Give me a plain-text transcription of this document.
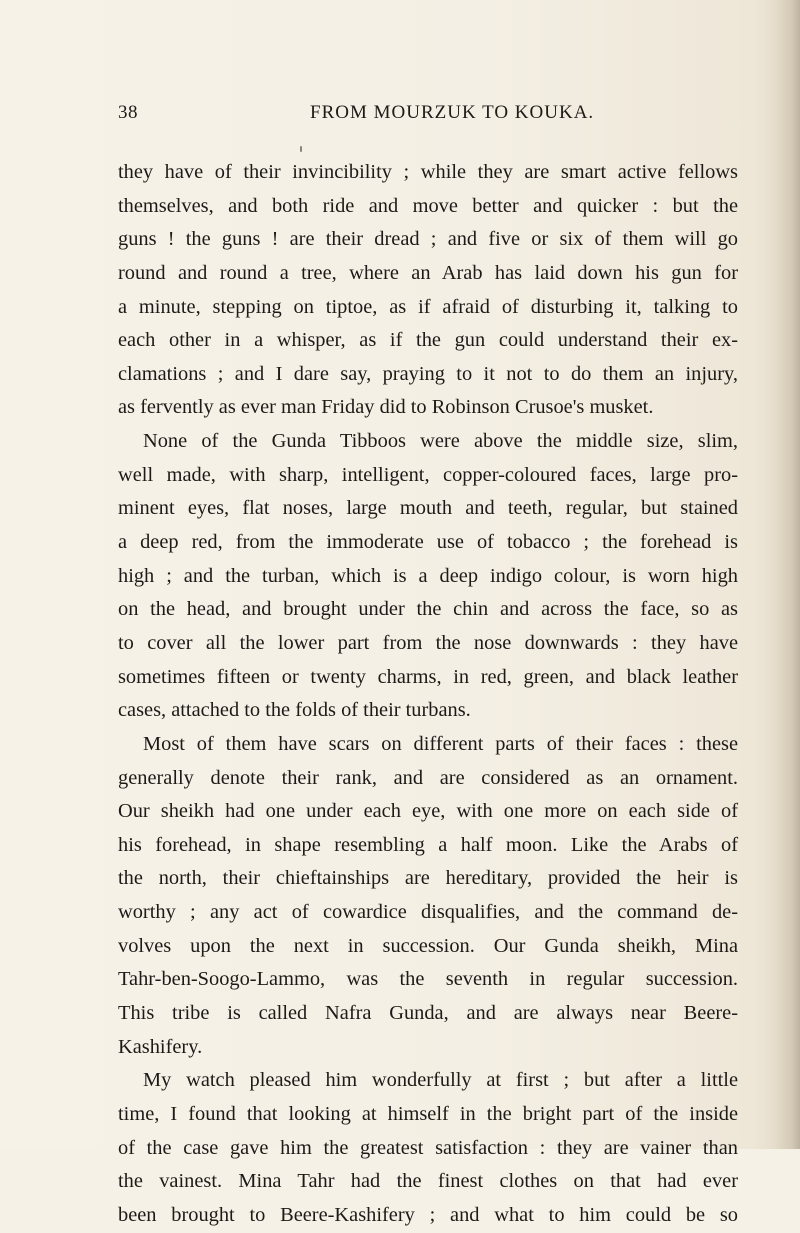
38	FROM MOURZUK TO KOUKA.
they have of their invincibility ; while they are smart active fellows
themselves, and both ride and move better and quicker : but the
guns ! the guns ! are their dread ; and five or six of them will go
round and round a tree, where an Arab has laid down his gun for
a minute, stepping on tiptoe, as if afraid of disturbing it, talking to
each other in a whisper, as if the gun could understand their ex-
clamations ; and I dare say, praying to it not to do them an injury,
as fervently as ever man Friday did to Robinson Crusoe's musket.
None of the Gunda Tibboos were above the middle size, slim,
well made, with sharp, intelligent, copper-coloured faces, large pro-
minent eyes, flat noses, large mouth and teeth, regular, but stained
a deep red, from the immoderate use of tobacco ; the forehead is
high ; and the turban, which is a deep indigo colour, is worn high
on the head, and brought under the chin and across the face, so as
to cover all the lower part from the nose downwards : they have
sometimes fifteen or twenty charms, in red, green, and black leather
cases, attached to the folds of their turbans.
Most of them have scars on different parts of their faces : these
generally denote their rank, and are considered as an ornament.
Our sheikh had one under each eye, with one more on each side of
his forehead, in shape resembling a half moon. Like the Arabs of
the north, their chieftainships are hereditary, provided the heir is
worthy ; any act of cowardice disqualifies, and the command de-
volves upon the next in succession. Our Gunda sheikh, Mina
Tahr-ben-Soogo-Lammo, was the seventh in regular succession.
This tribe is called Nafra Gunda, and are always near Beere-
Kashifery.
My watch pleased him wonderfully at first ; but after a little
time, I found that looking at himself in the bright part of the inside
of the case gave him the greatest satisfaction : they are vainer than
the vainest. Mina Tahr had the finest clothes on that had ever
been brought to Beere-Kashifery ; and what to him could be so
